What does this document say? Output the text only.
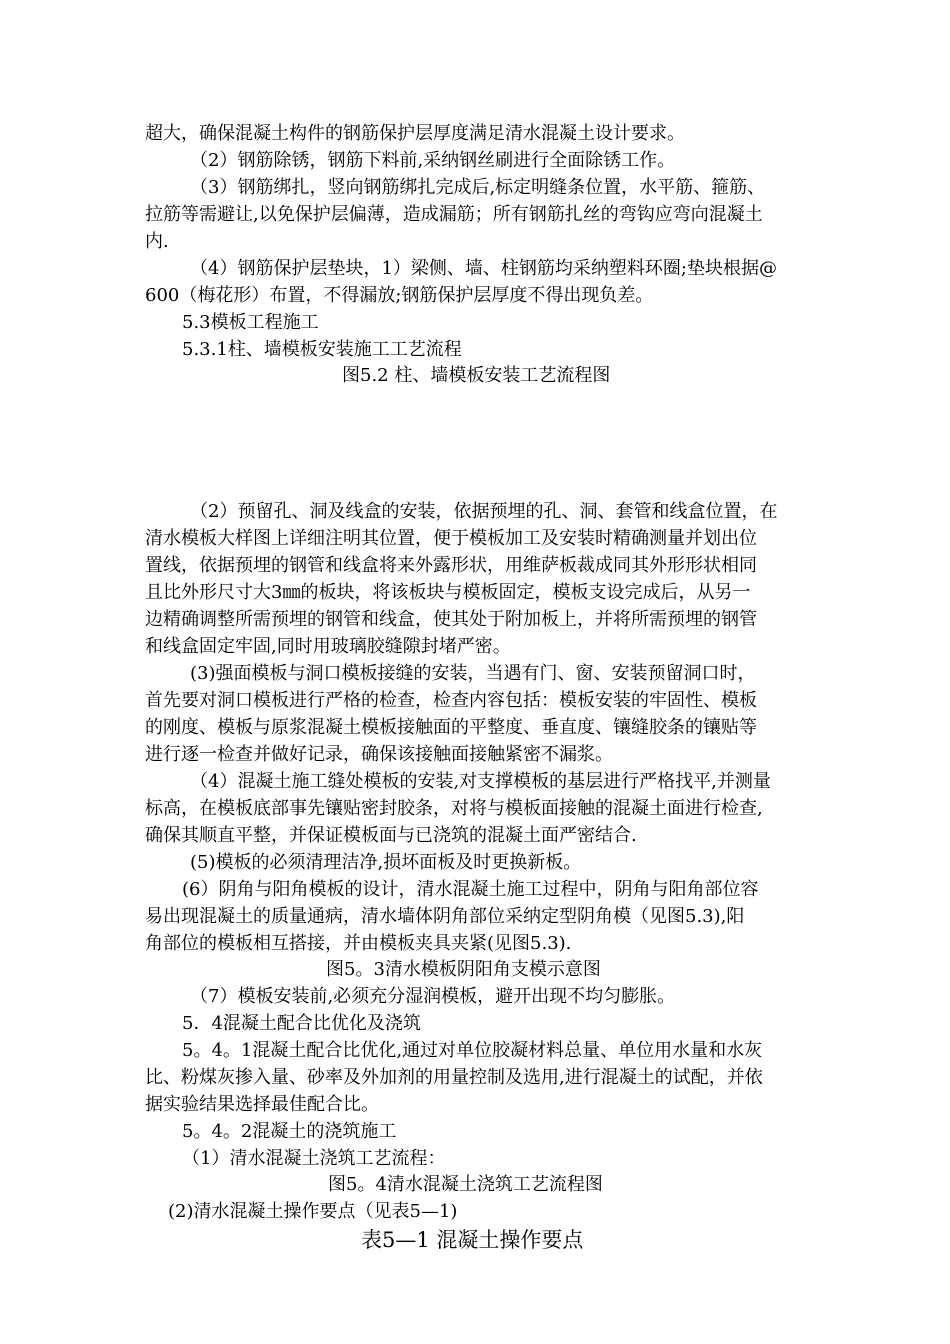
超大，确保混凝土构件的钢筋保护层厚度满足清水混凝土设计要求。
（2）钢筋除锈，钢筋下料前,采纳钢丝刷进行全面除锈工作。
（3）钢筋绑扎，竖向钢筋绑扎完成后,标定明缝条位置，水平筋、箍筋、
拉筋等需避让,以免保护层偏薄，造成漏筋；所有钢筋扎丝的弯钩应弯向混凝土
内.
（4）钢筋保护层垫块，1）梁侧、墙、柱钢筋均采纳塑料环圈;垫块根据@
600（梅花形）布置，不得漏放;钢筋保护层厚度不得出现负差。
5.3模板工程施工
5.3.1柱、墙模板安装施工工艺流程
图5.2 柱、墙模板安装工艺流程图
（2）预留孔、洞及线盒的安装，依据预埋的孔、洞、套管和线盒位置，在
清水模板大样图上详细注明其位置，便于模板加工及安装时精确测量并划出位
置线，依据预埋的钢管和线盒将来外露形状，用维萨板裁成同其外形形状相同
且比外形尺寸大3㎜的板块，将该板块与模板固定，模板支设完成后，从另一
边精确调整所需预埋的钢管和线盒，使其处于附加板上，并将所需预埋的钢管
和线盒固定牢固,同时用玻璃胶缝隙封堵严密。
(3)强面模板与洞口模板接缝的安装，当遇有门、窗、安装预留洞口时，
首先要对洞口模板进行严格的检查，检查内容包括：模板安装的牢固性、模板
的刚度、模板与原浆混凝土模板接触面的平整度、垂直度、镶缝胶条的镶贴等
进行逐一检查并做好记录，确保该接触面接触紧密不漏浆。
（4）混凝土施工缝处模板的安装,对支撑模板的基层进行严格找平,并测量
标高，在模板底部事先镶贴密封胶条，对将与模板面接触的混凝土面进行检查,
确保其顺直平整，并保证模板面与已浇筑的混凝土面严密结合.
(5)模板的必须清理洁净,损坏面板及时更换新板。
(6）阴角与阳角模板的设计，清水混凝土施工过程中，阴角与阳角部位容
易出现混凝土的质量通病，清水墙体阴角部位采纳定型阴角模（见图5.3),阳
角部位的模板相互搭接，并由模板夹具夹紧(见图5.3).
图5。3清水模板阴阳角支模示意图
（7）模板安装前,必须充分湿润模板，避开出现不均匀膨胀。
5．4混凝土配合比优化及浇筑
5。4。1混凝土配合比优化,通过对单位胶凝材料总量、单位用水量和水灰
比、粉煤灰掺入量、砂率及外加剂的用量控制及选用,进行混凝土的试配，并依
据实验结果选择最佳配合比。
5。4。2混凝土的浇筑施工
（1）清水混凝土浇筑工艺流程：
图5。4清水混凝土浇筑工艺流程图
(2)清水混凝土操作要点（见表5—1)
表5—1 混凝土操作要点
